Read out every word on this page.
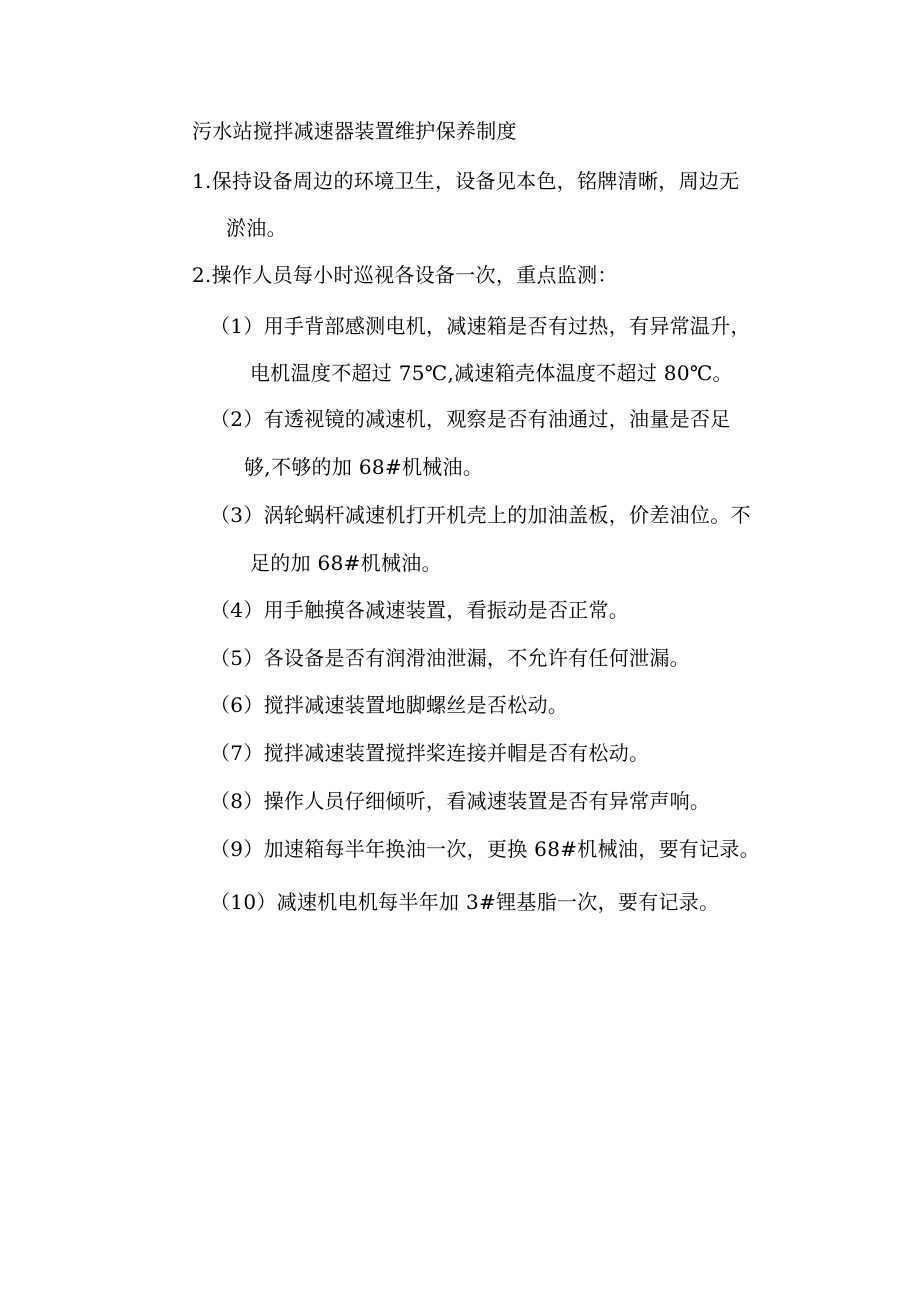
污水站搅拌减速器装置维护保养制度
1.保持设备周边的环境卫生，设备见本色，铭牌清晰，周边无
淤油。
2.操作人员每小时巡视各设备一次，重点监测：
（1）用手背部感测电机，减速箱是否有过热，有异常温升，
电机温度不超过 75℃,减速箱壳体温度不超过 80℃。
（2）有透视镜的减速机，观察是否有油通过，油量是否足
够,不够的加 68#机械油。
（3）涡轮蜗杆减速机打开机壳上的加油盖板，价差油位。不
足的加 68#机械油。
（4）用手触摸各减速装置，看振动是否正常。
（5）各设备是否有润滑油泄漏，不允许有任何泄漏。
（6）搅拌减速装置地脚螺丝是否松动。
（7）搅拌减速装置搅拌桨连接并帽是否有松动。
（8）操作人员仔细倾听，看减速装置是否有异常声响。
（9）加速箱每半年换油一次，更换 68#机械油，要有记录。
（10）减速机电机每半年加 3#锂基脂一次，要有记录。
